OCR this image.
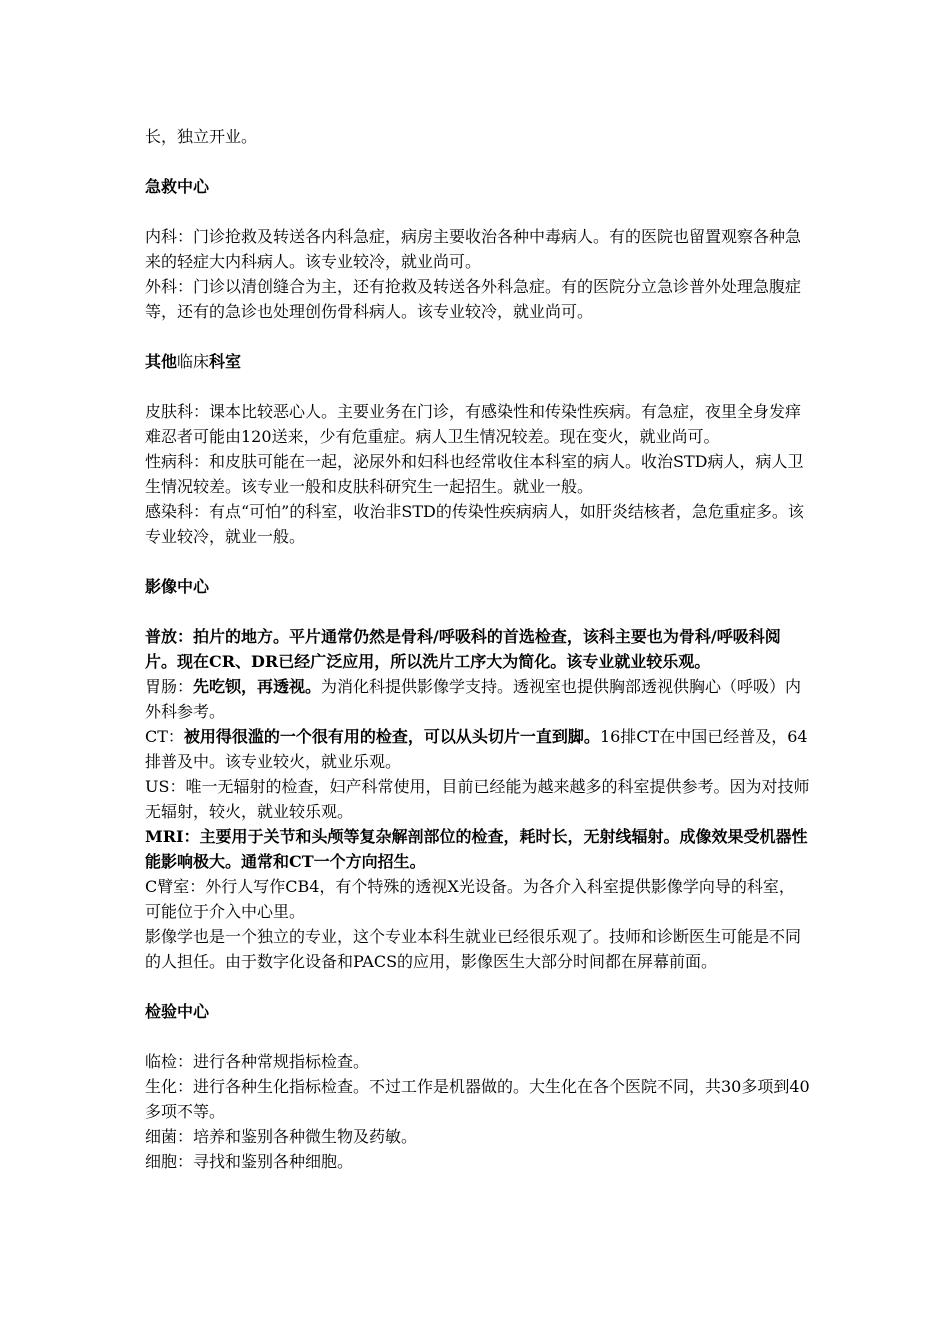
长，独立开业。

急救中心

内科：门诊抢救及转送各内科急症，病房主要收治各种中毒病人。有的医院也留置观察各种急来的轻症大内科病人。该专业较冷，就业尚可。

外科：门诊以清创缝合为主，还有抢救及转送各外科急症。有的医院分立急诊普外处理急腹症等，还有的急诊也处理创伤骨科病人。该专业较冷，就业尚可。

其他临床科室

皮肤科：课本比较恶心人。主要业务在门诊，有感染性和传染性疾病。有急症，夜里全身发痒难忍者可能由120送来，少有危重症。病人卫生情况较差。现在变火，就业尚可。

性病科：和皮肤可能在一起，泌尿外和妇科也经常收住本科室的病人。收治STD病人，病人卫生情况较差。该专业一般和皮肤科研究生一起招生。就业一般。

感染科：有点“可怕”的科室，收治非STD的传染性疾病病人，如肝炎结核者，急危重症多。该专业较冷，就业一般。

影像中心

普放：拍片的地方。平片通常仍然是骨科/呼吸科的首选检查，该科主要也为骨科/呼吸科阅片。现在CR、DR已经广泛应用，所以洗片工序大为简化。该专业就业较乐观。

胃肠：先吃钡，再透视。为消化科提供影像学支持。透视室也提供胸部透视供胸心（呼吸）内外科参考。

CT：被用得很滥的一个很有用的检查，可以从头切片一直到脚。16排CT在中国已经普及，64排普及中。该专业较火，就业乐观。

US：唯一无辐射的检查，妇产科常使用，目前已经能为越来越多的科室提供参考。因为对技师无辐射，较火，就业较乐观。

MRI：主要用于关节和头颅等复杂解剖部位的检查，耗时长，无射线辐射。成像效果受机器性能影响极大。通常和CT一个方向招生。

C臂室：外行人写作CB4，有个特殊的透视X光设备。为各介入科室提供影像学向导的科室，可能位于介入中心里。

影像学也是一个独立的专业，这个专业本科生就业已经很乐观了。技师和诊断医生可能是不同的人担任。由于数字化设备和PACS的应用，影像医生大部分时间都在屏幕前面。

检验中心

临检：进行各种常规指标检查。

生化：进行各种生化指标检查。不过工作是机器做的。大生化在各个医院不同，共30多项到40多项不等。

细菌：培养和鉴别各种微生物及药敏。

细胞：寻找和鉴别各种细胞。
